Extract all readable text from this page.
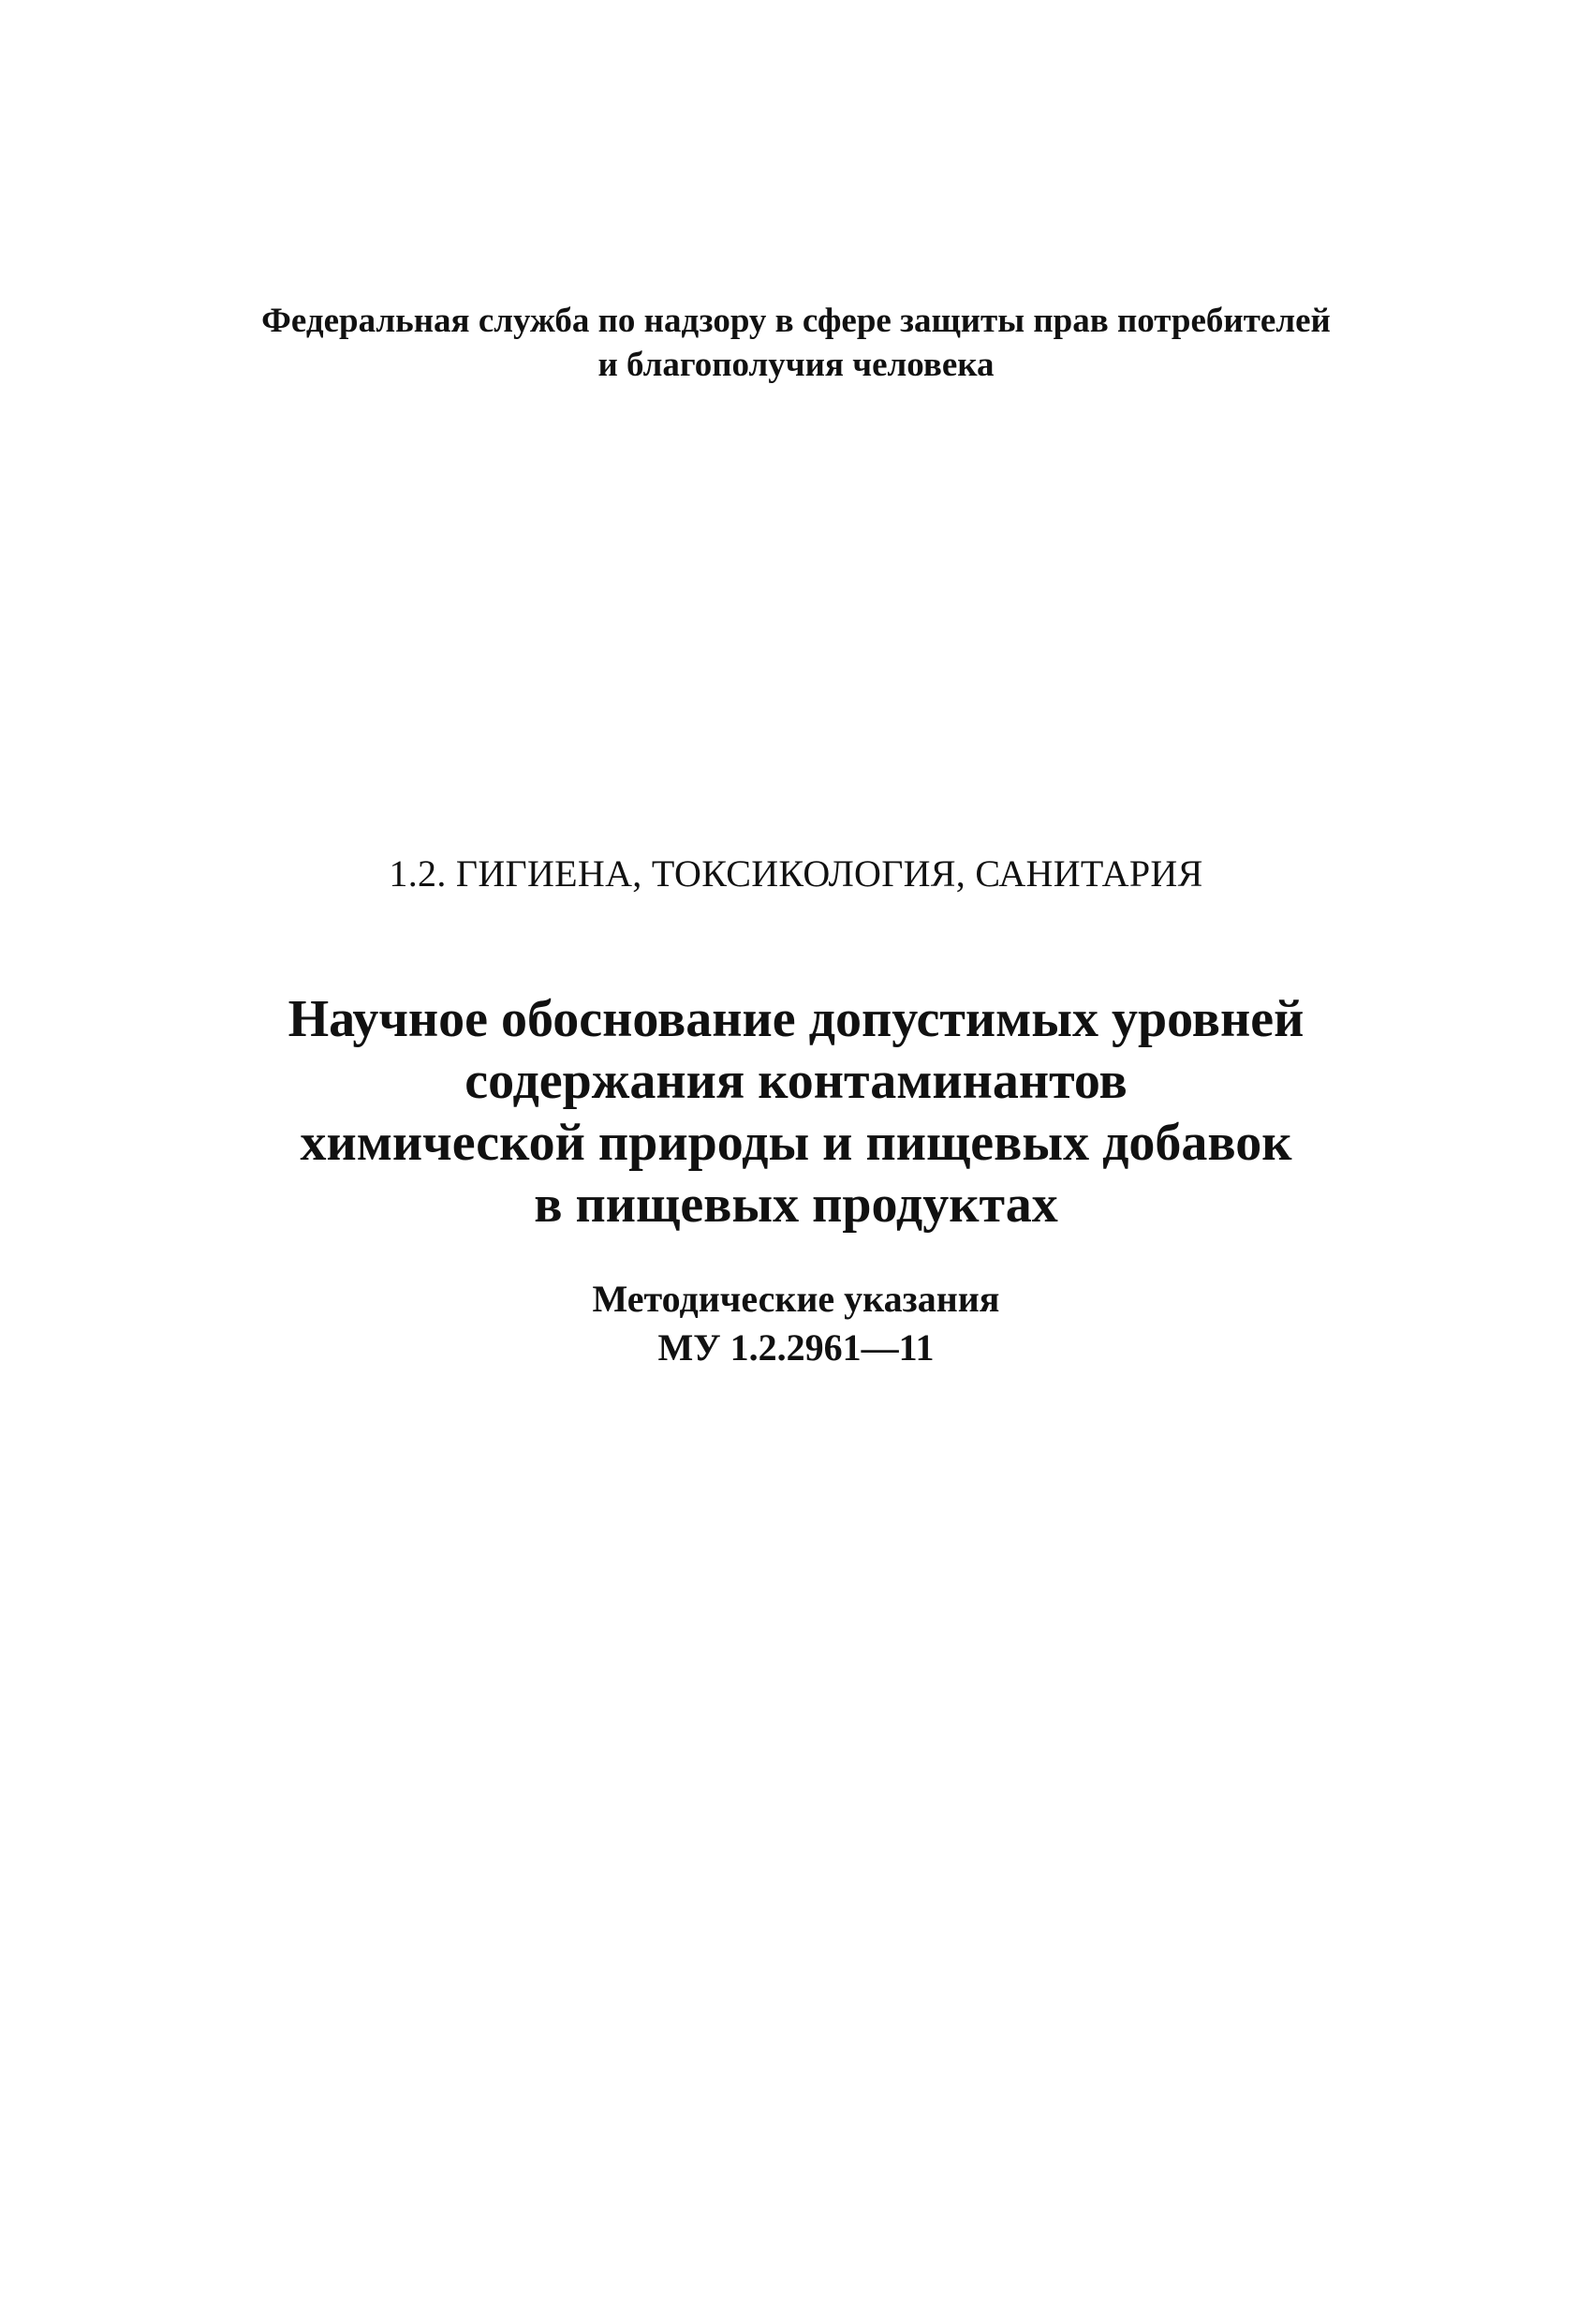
Федеральная служба по надзору в сфере защиты прав потребителей
и благополучия человека
1.2. ГИГИЕНА, ТОКСИКОЛОГИЯ, САНИТАРИЯ
Научное обоснование допустимых уровней
содержания контаминантов
химической природы и пищевых добавок
в пищевых продуктах
Методические указания
МУ 1.2.2961—11
